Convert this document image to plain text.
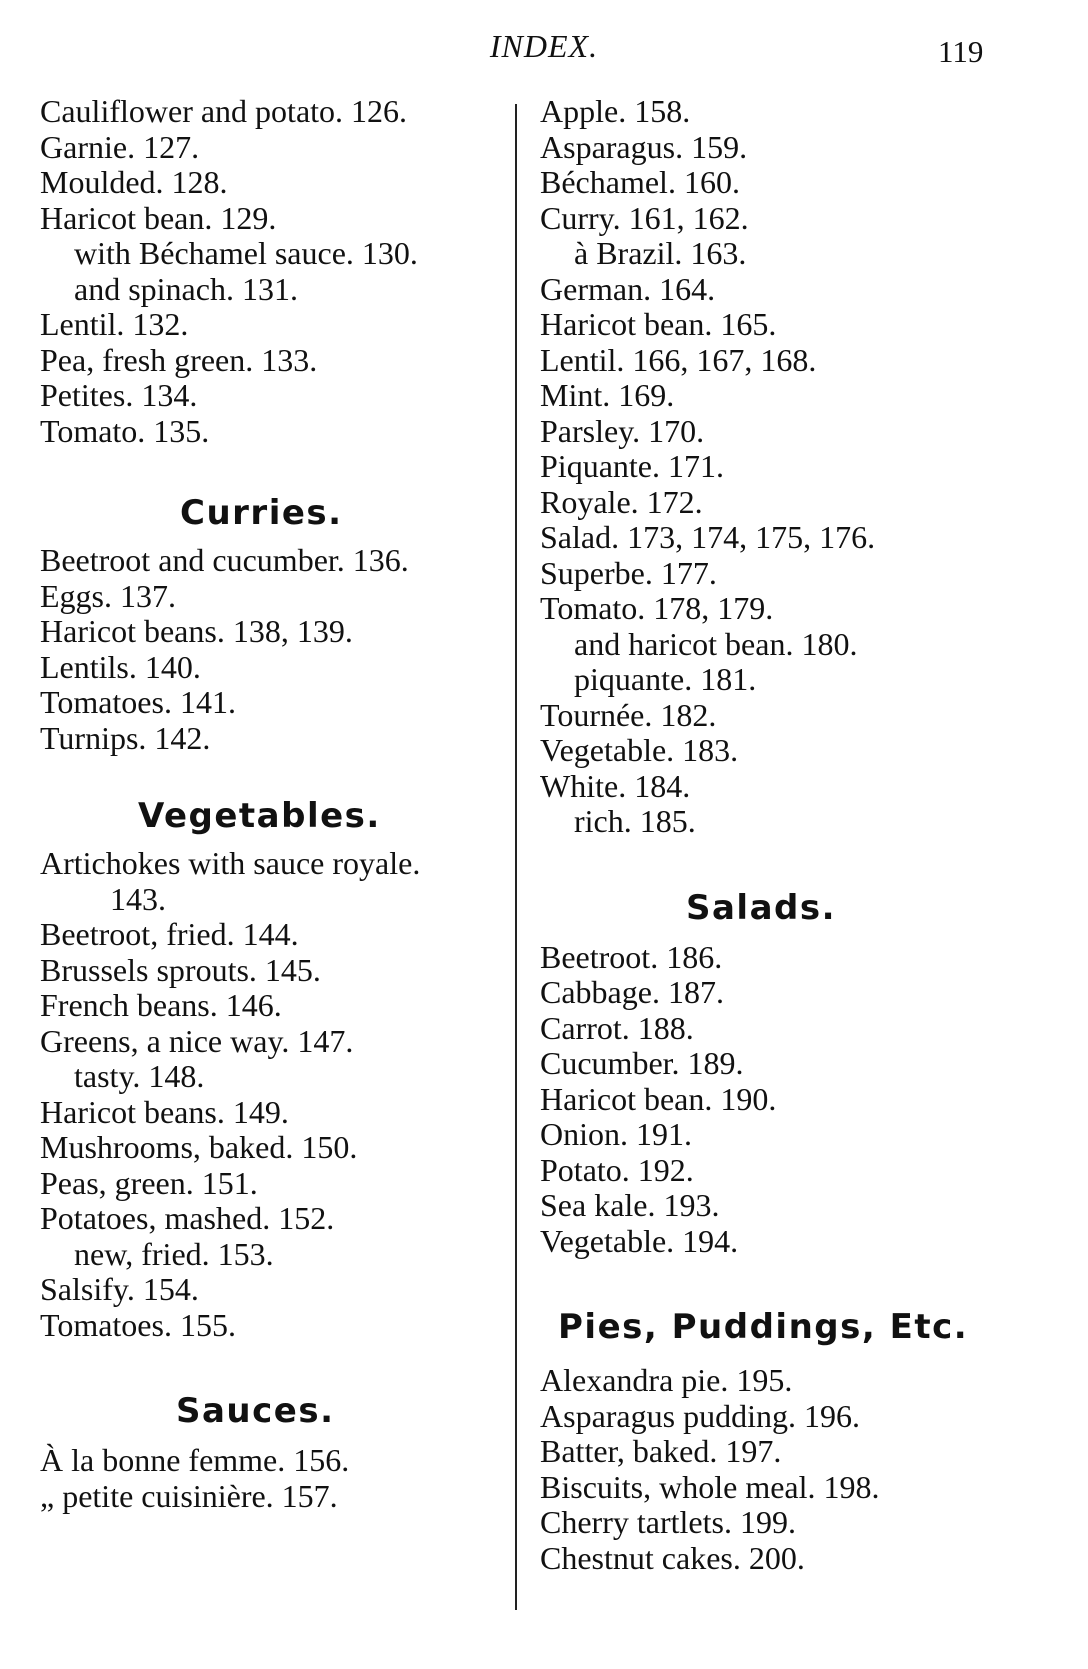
INDEX.	119
Cauliflower and potato. 126.
Garnie. 127.
Moulded. 128.
Haricot bean. 129.
with Béchamel sauce. 130.
and spinach. 131.
Lentil. 132.
Pea, fresh green. 133.
Petites. 134.
Tomato. 135.
Curries.
Beetroot and cucumber. 136.
Eggs. 137.
Haricot beans. 138, 139.
Lentils. 140.
Tomatoes. 141.
Turnips. 142.
Vegetables.
Artichokes with sauce royale.
143.
Beetroot, fried. 144.
Brussels sprouts. 145.
French beans. 146.
Greens, a nice way. 147.
tasty. 148.
Haricot beans. 149.
Mushrooms, baked. 150.
Peas, green. 151.
Potatoes, mashed. 152.
new, fried. 153.
Salsify. 154.
Tomatoes. 155.
Sauces.
À la bonne femme. 156.
„ petite cuisinière. 157.
Apple. 158.
Asparagus. 159.
Béchamel. 160.
Curry. 161, 162.
à Brazil. 163.
German. 164.
Haricot bean. 165.
Lentil. 166, 167, 168.
Mint. 169.
Parsley. 170.
Piquante. 171.
Royale. 172.
Salad. 173, 174, 175, 176.
Superbe. 177.
Tomato. 178, 179.
and haricot bean. 180.
piquante. 181.
Tournée. 182.
Vegetable. 183.
White. 184.
rich. 185.
Salads.
Beetroot. 186.
Cabbage. 187.
Carrot. 188.
Cucumber. 189.
Haricot bean. 190.
Onion. 191.
Potato. 192.
Sea kale. 193.
Vegetable. 194.
Pies, Puddings, Etc.
Alexandra pie. 195.
Asparagus pudding. 196.
Batter, baked. 197.
Biscuits, whole meal. 198.
Cherry tartlets. 199.
Chestnut cakes. 200.
